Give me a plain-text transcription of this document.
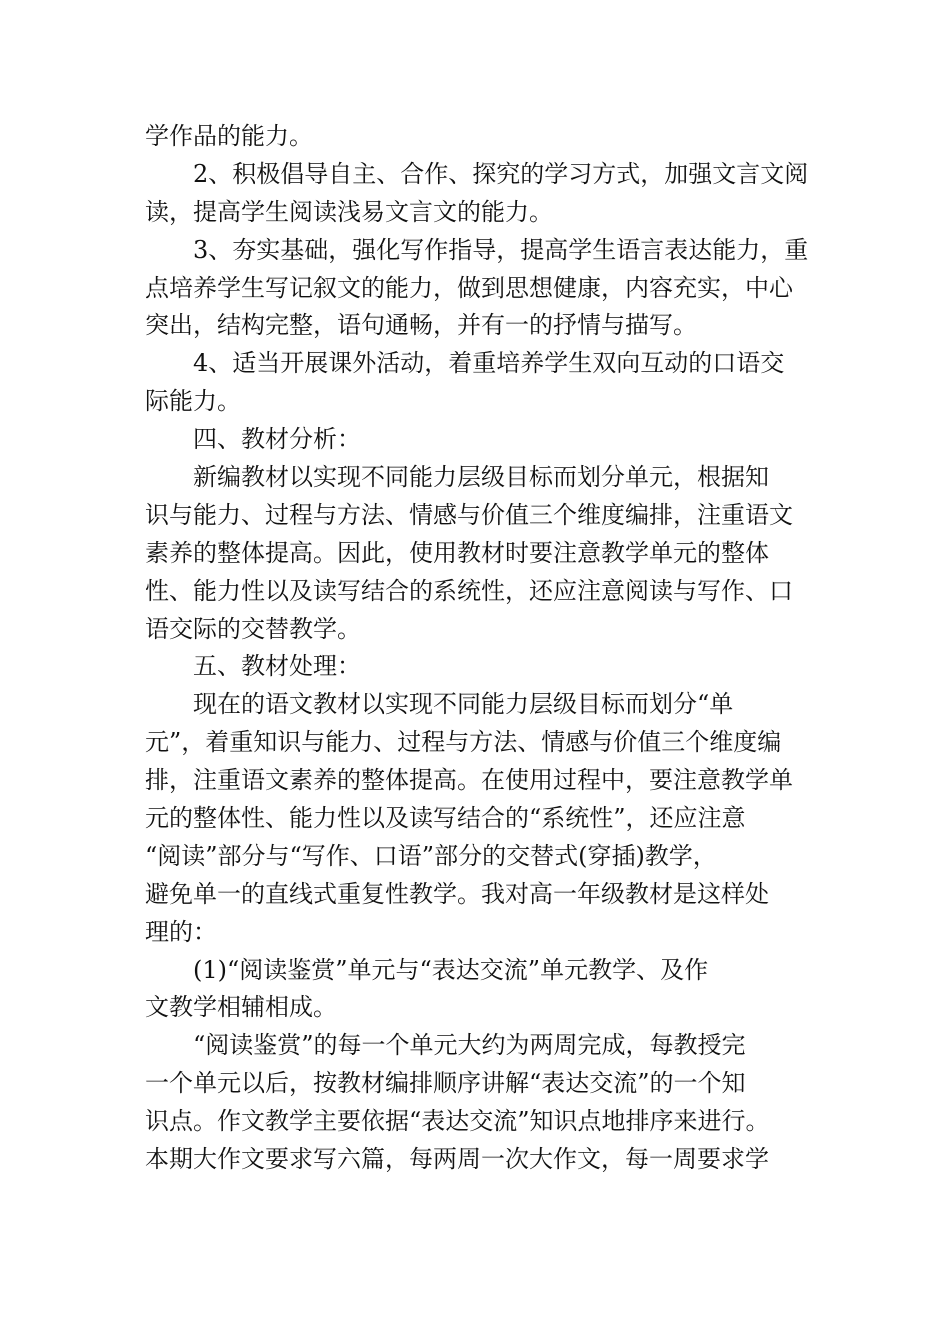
学作品的能力。
2、积极倡导自主、合作、探究的学习方式，加强文言文阅
读，提高学生阅读浅易文言文的能力。
3、夯实基础，强化写作指导，提高学生语言表达能力，重
点培养学生写记叙文的能力，做到思想健康，内容充实，中心
突出，结构完整，语句通畅，并有一的抒情与描写。
4、适当开展课外活动，着重培养学生双向互动的口语交
际能力。
四、教材分析：
新编教材以实现不同能力层级目标而划分单元，根据知
识与能力、过程与方法、情感与价值三个维度编排，注重语文
素养的整体提高。因此，使用教材时要注意教学单元的整体
性、能力性以及读写结合的系统性，还应注意阅读与写作、口
语交际的交替教学。
五、教材处理：
现在的语文教材以实现不同能力层级目标而划分“单
元”，着重知识与能力、过程与方法、情感与价值三个维度编
排，注重语文素养的整体提高。在使用过程中，要注意教学单
元的整体性、能力性以及读写结合的“系统性”，还应注意
“阅读”部分与“写作、口语”部分的交替式(穿插)教学，
避免单一的直线式重复性教学。我对高一年级教材是这样处
理的：
(1)“阅读鉴赏”单元与“表达交流”单元教学、及作
文教学相辅相成。
“阅读鉴赏”的每一个单元大约为两周完成，每教授完
一个单元以后，按教材编排顺序讲解“表达交流”的一个知
识点。作文教学主要依据“表达交流”知识点地排序来进行。
本期大作文要求写六篇，每两周一次大作文，每一周要求学
